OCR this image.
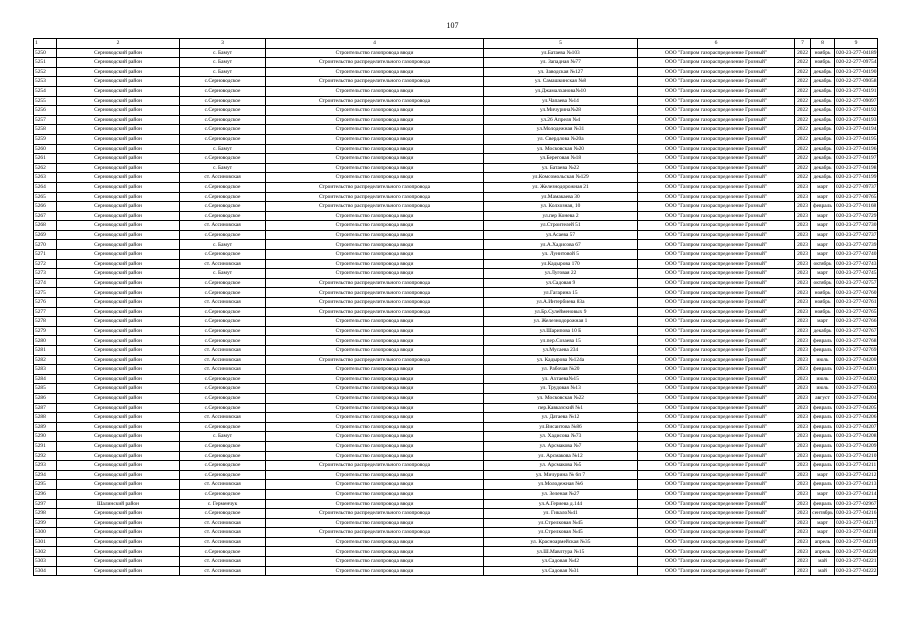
107
1	2	3	4	5	6	7	8	9
5250	Серноводский район	с. Бамут	Строительство газопровода вводи	ул.Батаева №103	ООО "Газпром газораспределение Грозный"	2022	ноябрь	020-23-277-04189
5251	Серноводский район	с. Бамут	Строительство распределительного газопровода	ул. Западная №77	ООО "Газпром газораспределение Грозный"	2022	ноябрь	020-22-277-09754
5252	Серноводский район	с. Бамут	Строительство газопровода вводи	ул. Заводская №127	ООО "Газпром газораспределение Грозный"	2022	декабрь	020-23-277-04190
5253	Серноводский район	с.Серноводское	Строительство распределительного газопровода	ул. Самашкинская №8	ООО "Газпром газораспределение Грозный"	2022	декабрь	020-22-277-09058
5254	Серноводский район	с.Серноводское	Строительство газопровода вводи	ул.Джамалханова№10	ООО "Газпром газораспределение Грозный"	2022	декабрь	020-23-277-04191
5255	Серноводский район	с.Серноводское	Строительство распределительного газопровода	ул.Чапаева №14	ООО "Газпром газораспределение Грозный"	2022	декабрь	020-22-277-09097
5256	Серноводский район	с.Серноводское	Строительство газопровода вводи	ул.Мичурина№28	ООО "Газпром газораспределение Грозный"	2022	декабрь	020-23-277-04192
5257	Серноводский район	с.Серноводское	Строительство газопровода вводи	ул.26 Апреля №4	ООО "Газпром газораспределение Грозный"	2022	декабрь	020-23-277-04193
5258	Серноводский район	с.Серноводское	Строительство газопровода вводи	ул.Молодежная №31	ООО "Газпром газораспределение Грозный"	2022	декабрь	020-23-277-04194
5259	Серноводский район	с.Серноводское	Строительство газопровода вводи	ул. Свердлова №20а	ООО "Газпром газораспределение Грозный"	2022	декабрь	020-23-277-04195
5260	Серноводский район	с. Бамут	Строительство газопровода вводи	ул. Московская №20	ООО "Газпром газораспределение Грозный"	2022	декабрь	020-23-277-04196
5261	Серноводский район	с.Серноводское	Строительство газопровода вводи	ул.Береговая №18	ООО "Газпром газораспределение Грозный"	2022	декабрь	020-23-277-04197
5262	Серноводский район	с. Бамут	Строительство газопровода вводи	ул. Батаева №22	ООО "Газпром газораспределение Грозный"	2022	декабрь	020-23-277-04198
5263	Серноводский район	ст. Ассиновская	Строительство газопровода вводи	ул.Комсомольская №129	ООО "Газпром газораспределение Грозный"	2022	декабрь	020-23-277-04199
5264	Серноводский район	с.Серноводское	Строительство распределительного газопровода	ул. Железнодорожная 21	ООО "Газпром газораспределение Грозный"	2023	март	020-22-277-09737
5265	Серноводский район	с.Серноводское	Строительство распределительного газопровода	ул.Мамакаева 30	ООО "Газпром газораспределение Грозный"	2023	март	020-23-277-00765
5266	Серноводский район	с.Серноводское	Строительство распределительного газопровода	ул. Колхозная, 10	ООО "Газпром газораспределение Грозный"	2023	февраль	020-23-277-01168
5267	Серноводский район	с.Серноводское	Строительство газопровода вводи	ул.пер Конева 2	ООО "Газпром газораспределение Грозный"	2023	март	020-23-277-02729
5268	Серноводский район	ст. Ассиновская	Строительство газопровода вводи	ул.Строителей 51	ООО "Газпром газораспределение Грозный"	2023	март	020-23-277-02730
5269	Серноводский район	с.Серноводское	Строительство газопровода вводи	ул.Асаева 57	ООО "Газпром газораспределение Грозный"	2023	март	020-23-277-02737
5270	Серноводский район	с. Бамут	Строительство газопровода вводи	ул.А.Хадисова 67	ООО "Газпром газораспределение Грозный"	2023	март	020-23-277-02739
5271	Серноводский район	с.Серноводское	Строительство газопровода вводи	ул. Лунитовой 5	ООО "Газпром газораспределение Грозный"	2023	март	020-23-277-02740
5272	Серноводский район	ст. Ассиновская	Строительство газопровода вводи	ул.Кадырова 170	ООО "Газпром газораспределение Грозный"	2023	октябрь	020-23-277-02743
5273	Серноводский район	с. Бамут	Строительство газопровода вводи	ул.Луговая 22	ООО "Газпром газораспределение Грозный"	2023	март	020-23-277-02745
5274	Серноводский район	с.Серноводское	Строительство распределительного газопровода	ул.Садовая 9	ООО "Газпром газораспределение Грозный"	2023	октябрь	020-23-277-02757
5275	Серноводский район	с.Серноводское	Строительство распределительного газопровода	ул.Гагарина 15	ООО "Газпром газораспределение Грозный"	2023	ноябрь	020-23-277-02760
5276	Серноводский район	ст. Ассиновская	Строительство распределительного газопровода	ул.А.Интербиева 83а	ООО "Газпром газораспределение Грозный"	2023	ноябрь	020-23-277-02761
5277	Серноводский район	с.Серноводское	Строительство распределительного газопровода	ул.Бр.Сулейменовых 9	ООО "Газпром газораспределение Грозный"	2023	ноябрь	020-23-277-02765
5278	Серноводский район	с.Серноводское	Строительство газопровода вводи	ул. Железнодорожная 1	ООО "Газпром газораспределение Грозный"	2023	март	020-23-277-02766
5279	Серноводский район	с.Серноводское	Строительство газопровода вводи	ул.Шарипова 10 Б	ООО "Газпром газораспределение Грозный"	2023	декабрь	020-23-277-02767
5280	Серноводский район	с.Серноводское	Строительство газопровода вводи	ул.пер.Созаева 15	ООО "Газпром газораспределение Грозный"	2023	февраль	020-23-277-02768
5281	Серноводский район	ст. Ассиновская	Строительство газопровода вводи	ул.Мусаева 234	ООО "Газпром газораспределение Грозный"	2023	февраль	020-23-277-02769
5282	Серноводский район	ст. Ассиновская	Строительство распределительного газопровода	ул. Кадырова №124а	ООО "Газпром газораспределение Грозный"	2023	июль	020-23-277-04200
5283	Серноводский район	ст. Ассиновская	Строительство газопровода вводи	ул. Рабочая №20	ООО "Газпром газораспределение Грозный"	2023	февраль	020-23-277-04201
5284	Серноводский район	с.Серноводское	Строительство газопровода вводи	ул. Ахтаева№15	ООО "Газпром газораспределение Грозный"	2023	июль	020-23-277-04202
5285	Серноводский район	с.Серноводское	Строительство газопровода вводи	ул. Трудовая №13	ООО "Газпром газораспределение Грозный"	2023	июль	020-23-277-04203
5286	Серноводский район	с.Серноводское	Строительство газопровода вводи	ул. Московская №22	ООО "Газпром газораспределение Грозный"	2023	август	020-23-277-04204
5287	Серноводский район	с.Серноводское	Строительство газопровода вводи	пер.Кавказский №1	ООО "Газпром газораспределение Грозный"	2023	февраль	020-23-277-04205
5288	Серноводский район	ст. Ассиновская	Строительство газопровода вводи	ул. Датаева №12	ООО "Газпром газораспределение Грозный"	2023	февраль	020-23-277-04206
5289	Серноводский район	с.Серноводское	Строительство газопровода вводи	ул.Висаитова №86	ООО "Газпром газораспределение Грозный"	2023	февраль	020-23-277-04207
5290	Серноводский район	с. Бамут	Строительство газопровода вводи	ул. Хадисова №73	ООО "Газпром газораспределение Грозный"	2023	февраль	020-23-277-04208
5291	Серноводский район	с.Серноводское	Строительство газопровода вводи	ул. Арсмакова №7	ООО "Газпром газораспределение Грозный"	2023	февраль	020-23-277-04209
5292	Серноводский район	с.Серноводское	Строительство газопровода вводи	ул. Арсмакова №12	ООО "Газпром газораспределение Грозный"	2023	февраль	020-23-277-04210
5293	Серноводский район	с.Серноводское	Строительство распределительного газопровода	ул. Арсмакова №5	ООО "Газпром газораспределение Грозный"	2023	февраль	020-23-277-04211
5294	Серноводский район	с.Серноводское	Строительство газопровода вводи	ул. Мичурина № 6п 7	ООО "Газпром газораспределение Грозный"	2023	март	020-23-277-04212
5295	Серноводский район	ст. Ассиновская	Строительство газопровода вводи	ул.Молодежная №6	ООО "Газпром газораспределение Грозный"	2023	февраль	020-23-277-04213
5296	Серноводский район	с.Серноводское	Строительство газопровода вводи	ул. Зеленая №27	ООО "Газпром газораспределение Грозный"	2023	март	020-23-277-04214
5297	Шалинский район	с. Герменчук	Строительство газопровода вводи	ул.А.Гериева д.144	ООО "Газпром газораспределение Грозный"	2023	февраль	020-23-277-02967
5298	Серноводский район	с.Серноводское	Строительство распределительного газопровода	ул. Гикало№41	ООО "Газпром газораспределение Грозный"	2023	сентябрь	020-23-277-04216
5299	Серноводский район	ст. Ассиновская	Строительство газопровода вводи	ул.Стрелковая №45	ООО "Газпром газораспределение Грозный"	2023	март	020-23-277-04217
5300	Серноводский район	ст. Ассиновская	Строительство распределительного газопровода	ул.Стрелковая №45	ООО "Газпром газораспределение Грозный"	2023	март	020-23-277-04218
5301	Серноводский район	ст. Ассиновская	Строительство газопровода вводи	ул. Красноармейская №35	ООО "Газпром газораспределение Грозный"	2023	апрель	020-23-277-04219
5302	Серноводский район	с.Серноводское	Строительство газопровода вводи	ул.Ш.Мавлтура №15	ООО "Газпром газораспределение Грозный"	2023	апрель	020-23-277-04220
5303	Серноводский район	ст. Ассиновская	Строительство газопровода вводи	ул.Садовая №42	ООО "Газпром газораспределение Грозный"	2023	май	020-23-277-04221
5304	Серноводский район	ст. Ассиновская	Строительство газопровода вводи	ул.Садовая №31	ООО "Газпром газораспределение Грозный"	2023	май	020-23-277-04222
